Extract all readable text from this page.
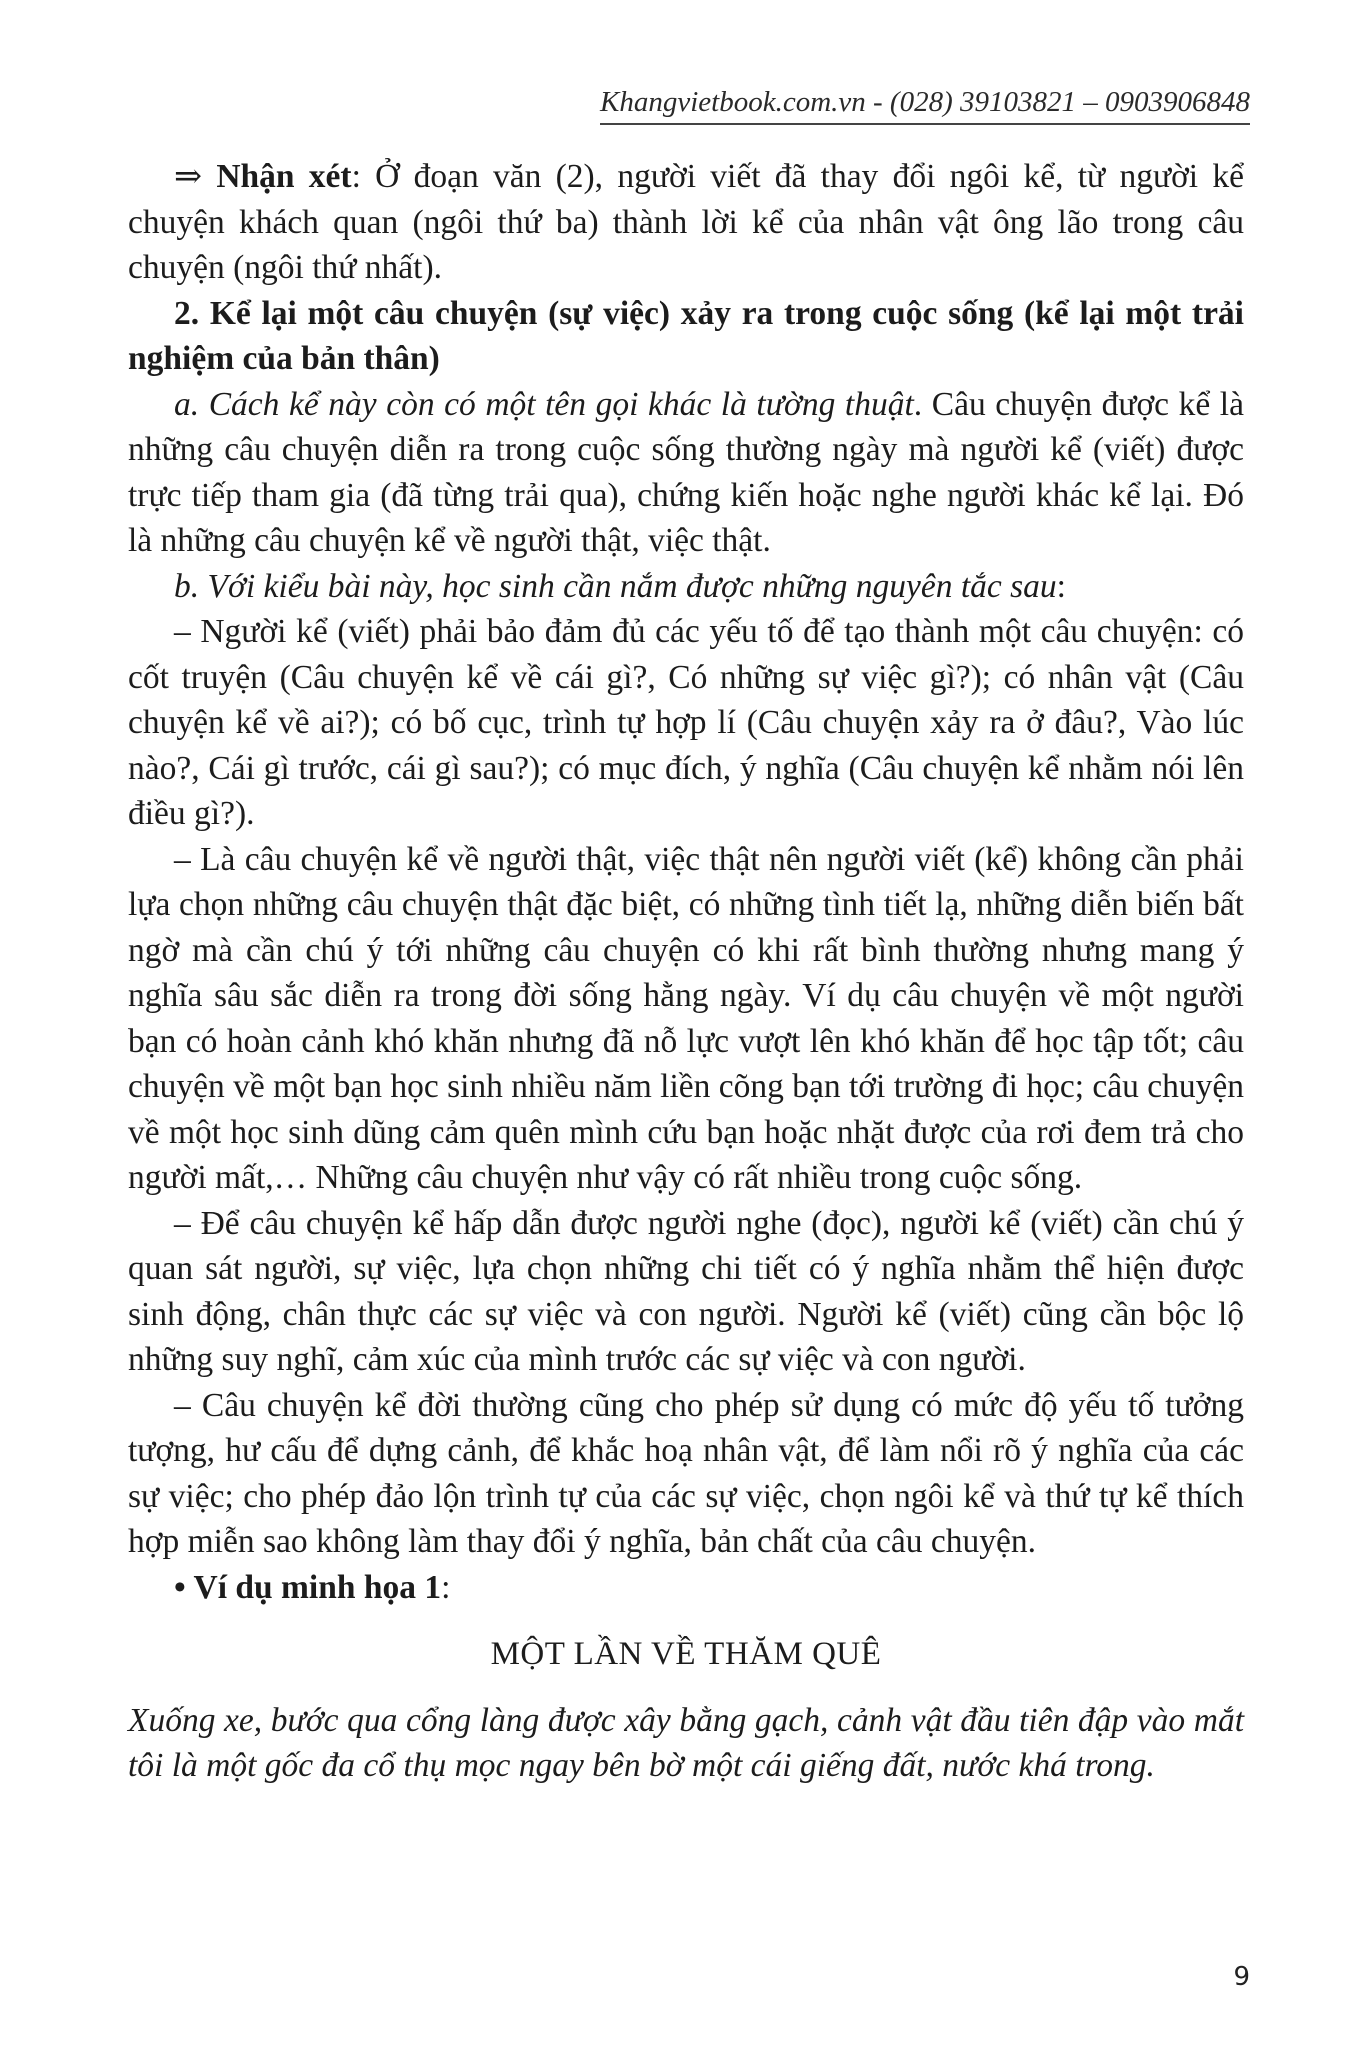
Khangvietbook.com.vn - (028) 39103821 – 0903906848

⇒ Nhận xét: Ở đoạn văn (2), người viết đã thay đổi ngôi kể, từ người kể chuyện khách quan (ngôi thứ ba) thành lời kể của nhân vật ông lão trong câu chuyện (ngôi thứ nhất).

2. Kể lại một câu chuyện (sự việc) xảy ra trong cuộc sống (kể lại một trải nghiệm của bản thân)

a. Cách kể này còn có một tên gọi khác là tường thuật. Câu chuyện được kể là những câu chuyện diễn ra trong cuộc sống thường ngày mà người kể (viết) được trực tiếp tham gia (đã từng trải qua), chứng kiến hoặc nghe người khác kể lại. Đó là những câu chuyện kể về người thật, việc thật.

b. Với kiểu bài này, học sinh cần nắm được những nguyên tắc sau:

– Người kể (viết) phải bảo đảm đủ các yếu tố để tạo thành một câu chuyện: có cốt truyện (Câu chuyện kể về cái gì?, Có những sự việc gì?); có nhân vật (Câu chuyện kể về ai?); có bố cục, trình tự hợp lí (Câu chuyện xảy ra ở đâu?, Vào lúc nào?, Cái gì trước, cái gì sau?); có mục đích, ý nghĩa (Câu chuyện kể nhằm nói lên điều gì?).

– Là câu chuyện kể về người thật, việc thật nên người viết (kể) không cần phải lựa chọn những câu chuyện thật đặc biệt, có những tình tiết lạ, những diễn biến bất ngờ mà cần chú ý tới những câu chuyện có khi rất bình thường nhưng mang ý nghĩa sâu sắc diễn ra trong đời sống hằng ngày. Ví dụ câu chuyện về một người bạn có hoàn cảnh khó khăn nhưng đã nỗ lực vượt lên khó khăn để học tập tốt; câu chuyện về một bạn học sinh nhiều năm liền cõng bạn tới trường đi học; câu chuyện về một học sinh dũng cảm quên mình cứu bạn hoặc nhặt được của rơi đem trả cho người mất,… Những câu chuyện như vậy có rất nhiều trong cuộc sống.

– Để câu chuyện kể hấp dẫn được người nghe (đọc), người kể (viết) cần chú ý quan sát người, sự việc, lựa chọn những chi tiết có ý nghĩa nhằm thể hiện được sinh động, chân thực các sự việc và con người. Người kể (viết) cũng cần bộc lộ những suy nghĩ, cảm xúc của mình trước các sự việc và con người.

– Câu chuyện kể đời thường cũng cho phép sử dụng có mức độ yếu tố tưởng tượng, hư cấu để dựng cảnh, để khắc hoạ nhân vật, để làm nổi rõ ý nghĩa của các sự việc; cho phép đảo lộn trình tự của các sự việc, chọn ngôi kể và thứ tự kể thích hợp miễn sao không làm thay đổi ý nghĩa, bản chất của câu chuyện.

• Ví dụ minh họa 1:

MỘT LẦN VỀ THĂM QUÊ

Xuống xe, bước qua cổng làng được xây bằng gạch, cảnh vật đầu tiên đập vào mắt tôi là một gốc đa cổ thụ mọc ngay bên bờ một cái giếng đất, nước khá trong.

9
